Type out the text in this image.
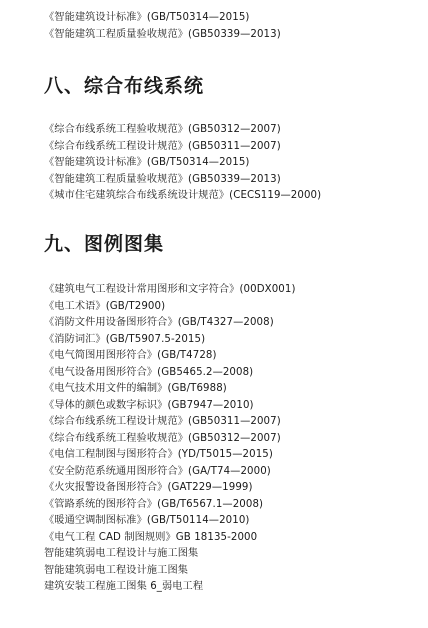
《智能建筑设计标准》(GB/T50314—2015)
《智能建筑工程质量验收规范》(GB50339—2013)
八、综合布线系统
《综合布线系统工程验收规范》(GB50312—2007)
《综合布线系统工程设计规范》(GB50311—2007)
《智能建筑设计标准》(GB/T50314—2015)
《智能建筑工程质量验收规范》(GB50339—2013)
《城市住宅建筑综合布线系统设计规范》(CECS119—2000)
九、图例图集
《建筑电气工程设计常用图形和文字符合》(00DX001)
《电工术语》(GB/T2900)
《消防文件用设备图形符合》(GB/T4327—2008)
《消防词汇》(GB/T5907.5-2015)
《电气简图用图形符合》(GB/T4728)
《电气设备用图形符合》(GB5465.2—2008)
《电气技术用文件的编制》(GB/T6988)
《导体的颜色或数字标识》(GB7947—2010)
《综合布线系统工程设计规范》(GB50311—2007)
《综合布线系统工程验收规范》(GB50312—2007)
《电信工程制图与图形符合》(YD/T5015—2015)
《安全防范系统通用图形符合》(GA/T74—2000)
《火灾报警设备图形符合》(GAT229—1999)
《管路系统的图形符合》(GB/T6567.1—2008)
《暖通空调制图标准》(GB/T50114—2010)
《电气工程 CAD 制图规则》GB 18135-2000
智能建筑弱电工程设计与施工图集
智能建筑弱电工程设计施工图集
建筑安装工程施工图集 6_弱电工程
